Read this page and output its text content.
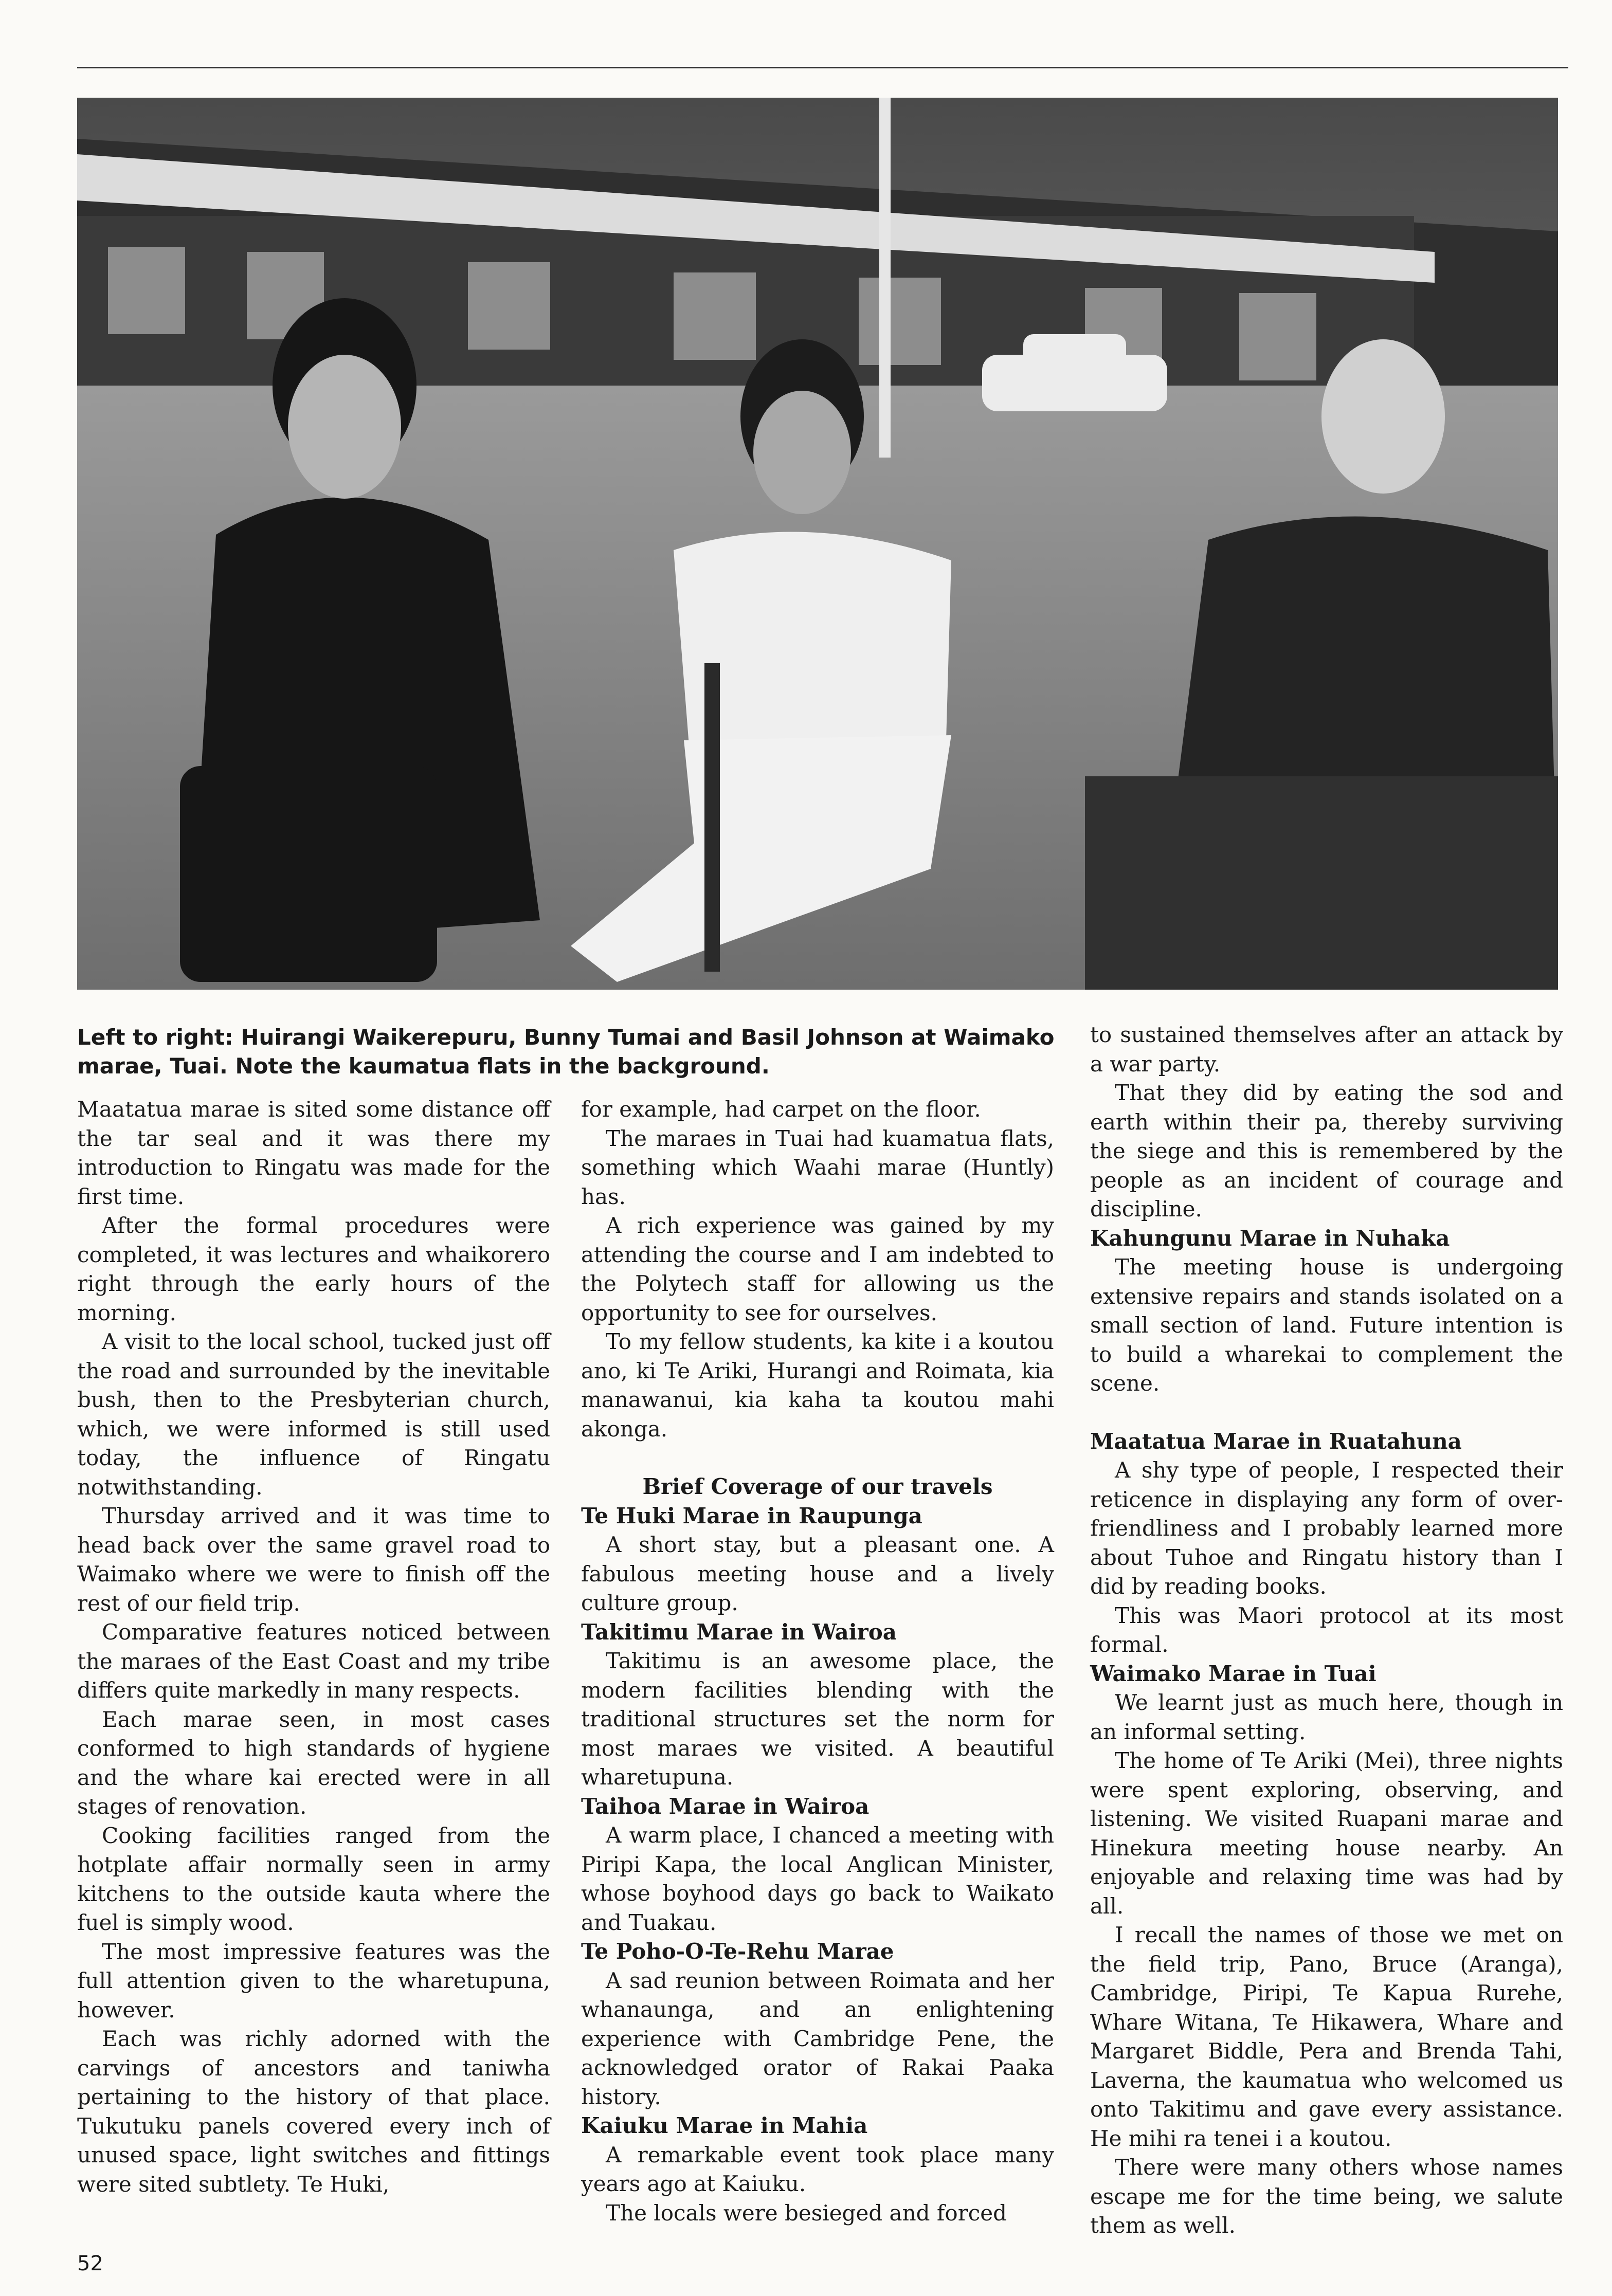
Left to right: Huirangi Waikerepuru, Bunny Tumai and Basil Johnson at Waimako marae, Tuai. Note the kaumatua flats in the background.

Maatatua marae is sited some distance off the tar seal and it was there my introduction to Ringatu was made for the first time.

After the formal procedures were completed, it was lectures and whaikorero right through the early hours of the morning.

A visit to the local school, tucked just off the road and surrounded by the inevitable bush, then to the Presbyterian church, which, we were informed is still used today, the influence of Ringatu notwithstanding.

Thursday arrived and it was time to head back over the same gravel road to Waimako where we were to finish off the rest of our field trip.

Comparative features noticed between the maraes of the East Coast and my tribe differs quite markedly in many respects.

Each marae seen, in most cases conformed to high standards of hygiene and the whare kai erected were in all stages of renovation.

Cooking facilities ranged from the hotplate affair normally seen in army kitchens to the outside kauta where the fuel is simply wood.

The most impressive features was the full attention given to the wharetupuna, however.

Each was richly adorned with the carvings of ancestors and taniwha pertaining to the history of that place. Tukutuku panels covered every inch of unused space, light switches and fittings were sited subtlety. Te Huki,

for example, had carpet on the floor.

The maraes in Tuai had kuamatua flats, something which Waahi marae (Huntly) has.

A rich experience was gained by my attending the course and I am indebted to the Polytech staff for allowing us the opportunity to see for ourselves.

To my fellow students, ka kite i a koutou ano, ki Te Ariki, Hurangi and Roimata, kia manawanui, kia kaha ta koutou mahi akonga.

Brief Coverage of our travels
Te Huki Marae in Raupunga

A short stay, but a pleasant one. A fabulous meeting house and a lively culture group.

Takitimu Marae in Wairoa

Takitimu is an awesome place, the modern facilities blending with the traditional structures set the norm for most maraes we visited. A beautiful wharetupuna.

Taihoa Marae in Wairoa

A warm place, I chanced a meeting with Piripi Kapa, the local Anglican Minister, whose boyhood days go back to Waikato and Tuakau.

Te Poho-O-Te-Rehu Marae

A sad reunion between Roimata and her whanaunga, and an enlightening experience with Cambridge Pene, the acknowledged orator of Rakai Paaka history.

Kaiuku Marae in Mahia

A remarkable event took place many years ago at Kaiuku.

The locals were besieged and forced

to sustained themselves after an attack by a war party.

That they did by eating the sod and earth within their pa, thereby surviving the siege and this is remembered by the people as an incident of courage and discipline.

Kahungunu Marae in Nuhaka

The meeting house is undergoing extensive repairs and stands isolated on a small section of land. Future intention is to build a wharekai to complement the scene.

Maatatua Marae in Ruatahuna

A shy type of people, I respected their reticence in displaying any form of over-friendliness and I probably learned more about Tuhoe and Ringatu history than I did by reading books.

This was Maori protocol at its most formal.

Waimako Marae in Tuai

We learnt just as much here, though in an informal setting.

The home of Te Ariki (Mei), three nights were spent exploring, observing, and listening. We visited Ruapani marae and Hinekura meeting house nearby. An enjoyable and relaxing time was had by all.

I recall the names of those we met on the field trip, Pano, Bruce (Aranga), Cambridge, Piripi, Te Kapua Rurehe, Whare Witana, Te Hikawera, Whare and Margaret Biddle, Pera and Brenda Tahi, Laverna, the kaumatua who welcomed us onto Takitimu and gave every assistance. He mihi ra tenei i a koutou.

There were many others whose names escape me for the time being, we salute them as well.

52
